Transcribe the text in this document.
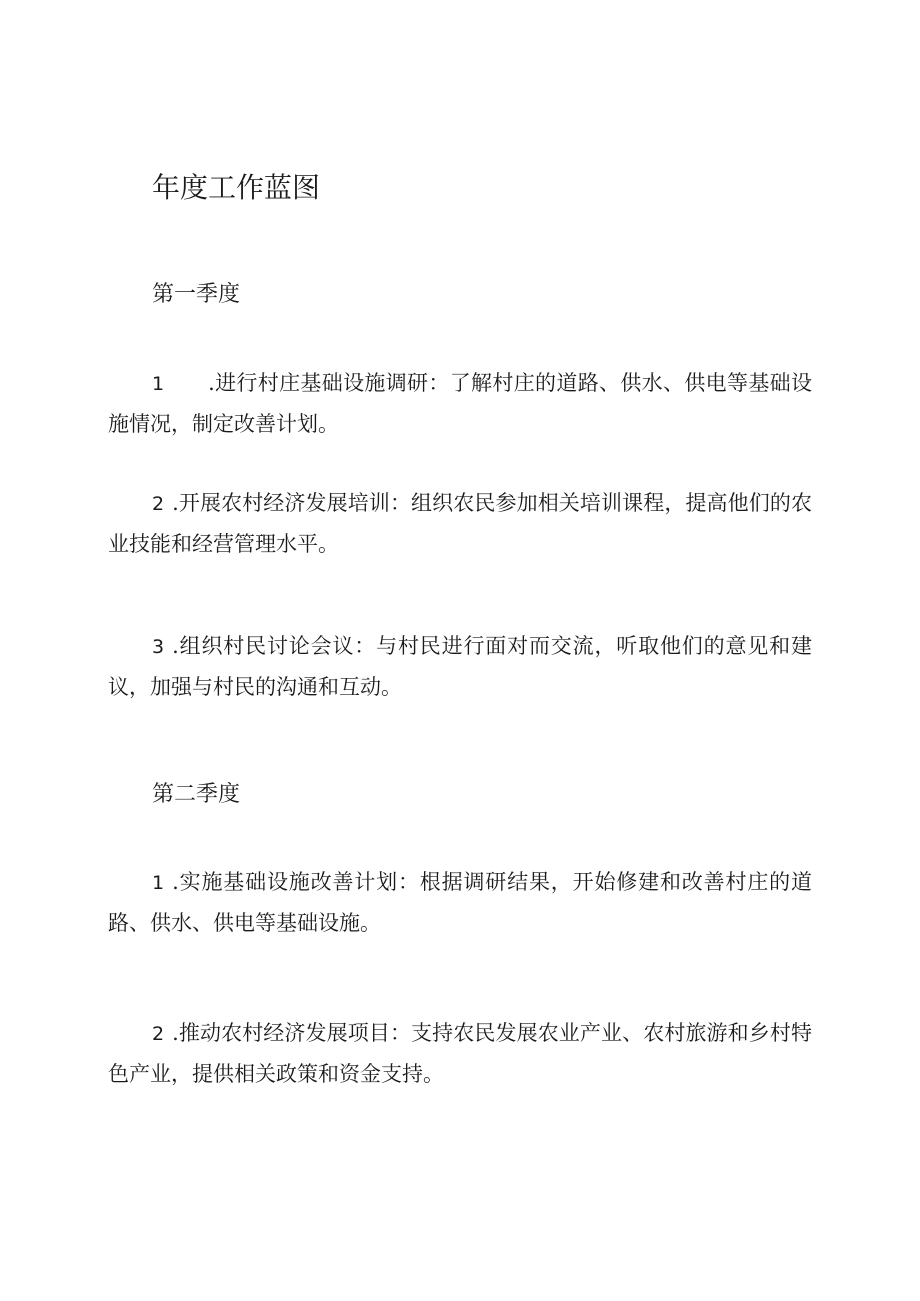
年度工作蓝图
第一季度

1 .进行村庄基础设施调研：了解村庄的道路、供水、供电等基础设施情况，制定改善计划。

2 .开展农村经济发展培训：组织农民参加相关培训课程，提高他们的农业技能和经营管理水平。

3 .组织村民讨论会议：与村民进行面对而交流，听取他们的意见和建议，加强与村民的沟通和互动。

第二季度

1 .实施基础设施改善计划：根据调研结果，开始修建和改善村庄的道路、供水、供电等基础设施。

2 .推动农村经济发展项目：支持农民发展农业产业、农村旅游和乡村特色产业，提供相关政策和资金支持。
